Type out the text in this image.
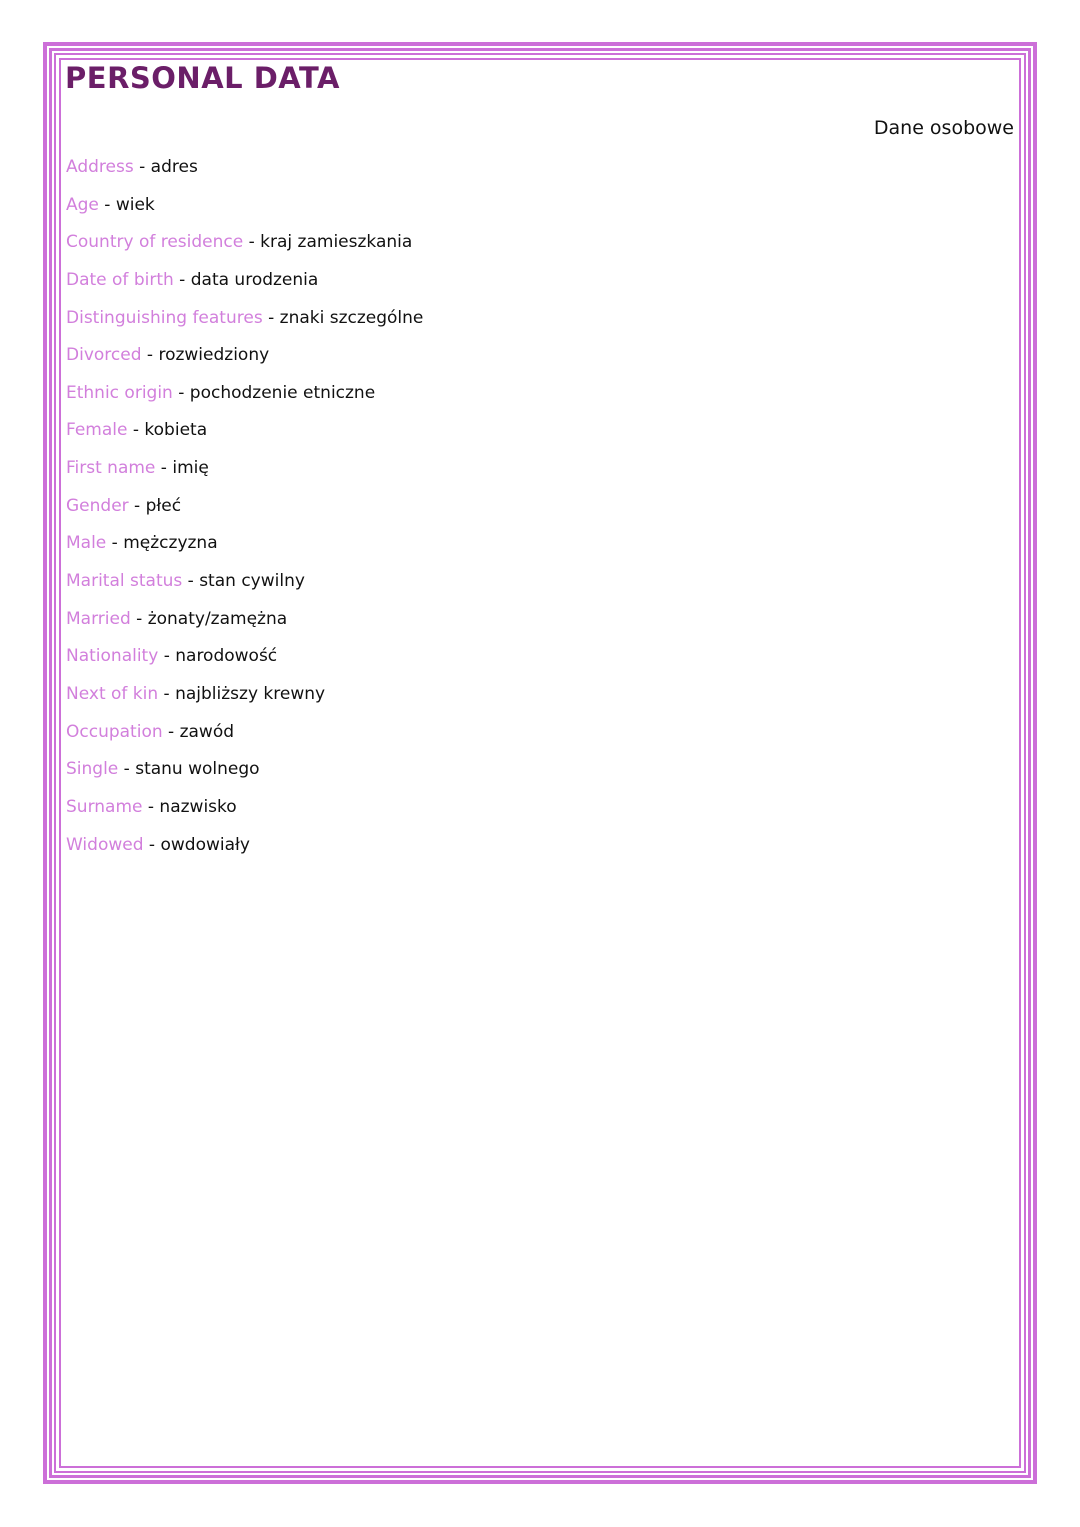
PERSONAL DATA
Dane osobowe
Address - adres
Age - wiek
Country of residence - kraj zamieszkania
Date of birth - data urodzenia
Distinguishing features - znaki szczególne
Divorced - rozwiedziony
Ethnic origin - pochodzenie etniczne
Female - kobieta
First name - imię
Gender - płeć
Male - mężczyzna
Marital status - stan cywilny
Married - żonaty/zamężna
Nationality - narodowość
Next of kin - najbliższy krewny
Occupation - zawód
Single - stanu wolnego
Surname - nazwisko
Widowed - owdowiały
